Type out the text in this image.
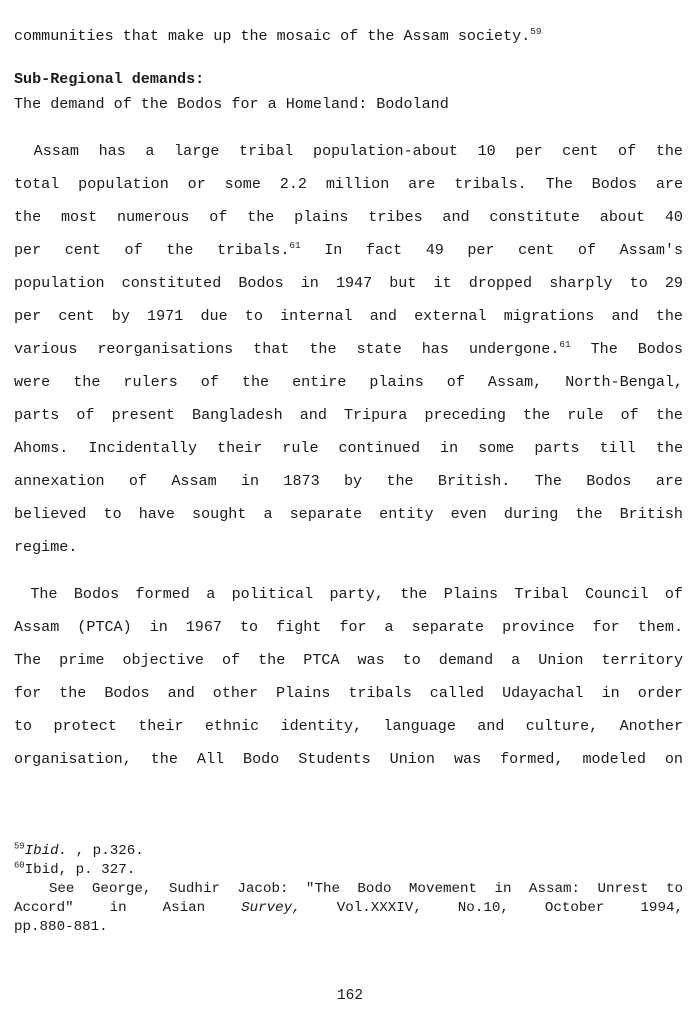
communities that make up the mosaic of the Assam society.$^{59}$
Sub-Regional demands:
The demand of the Bodos for a Homeland: Bodoland
Assam has a large tribal population-about 10 per cent of the
total population or some 2.2 million are tribals. The Bodos are
the most numerous of the plains tribes and constitute about 40
per cent of the tribals.$^{61}$ In fact 49 per cent of Assam's
population constituted Bodos in 1947 but it dropped sharply to 29
per cent by 1971 due to internal and external migrations and the
various reorganisations that the state has undergone.$^{61}$ The Bodos
were the rulers of the entire plains of Assam, North-Bengal,
parts of present Bangladesh and Tripura preceding the rule of the
Ahoms. Incidentally their rule continued in some parts till the
annexation of Assam in 1873 by the British. The Bodos are
believed to have sought a separate entity even during the British
regime.
The Bodos formed a political party, the Plains Tribal Council of
Assam (PTCA) in 1967 to fight for a separate province for them.
The prime objective of the PTCA was to demand a Union territory
for the Bodos and other Plains tribals called Udayachal in order
to protect their ethnic identity, language and culture, Another
organisation, the All Bodo Students Union was formed, modeled on
$^{59}$Ibid. , p.326.
$^{60}$Ibid, p. 327.
See George, Sudhir Jacob: "The Bodo Movement in Assam: Unrest to
Accord" in Asian Survey, Vol.XXXIV, No.10, October 1994,
pp.880-881.
162
